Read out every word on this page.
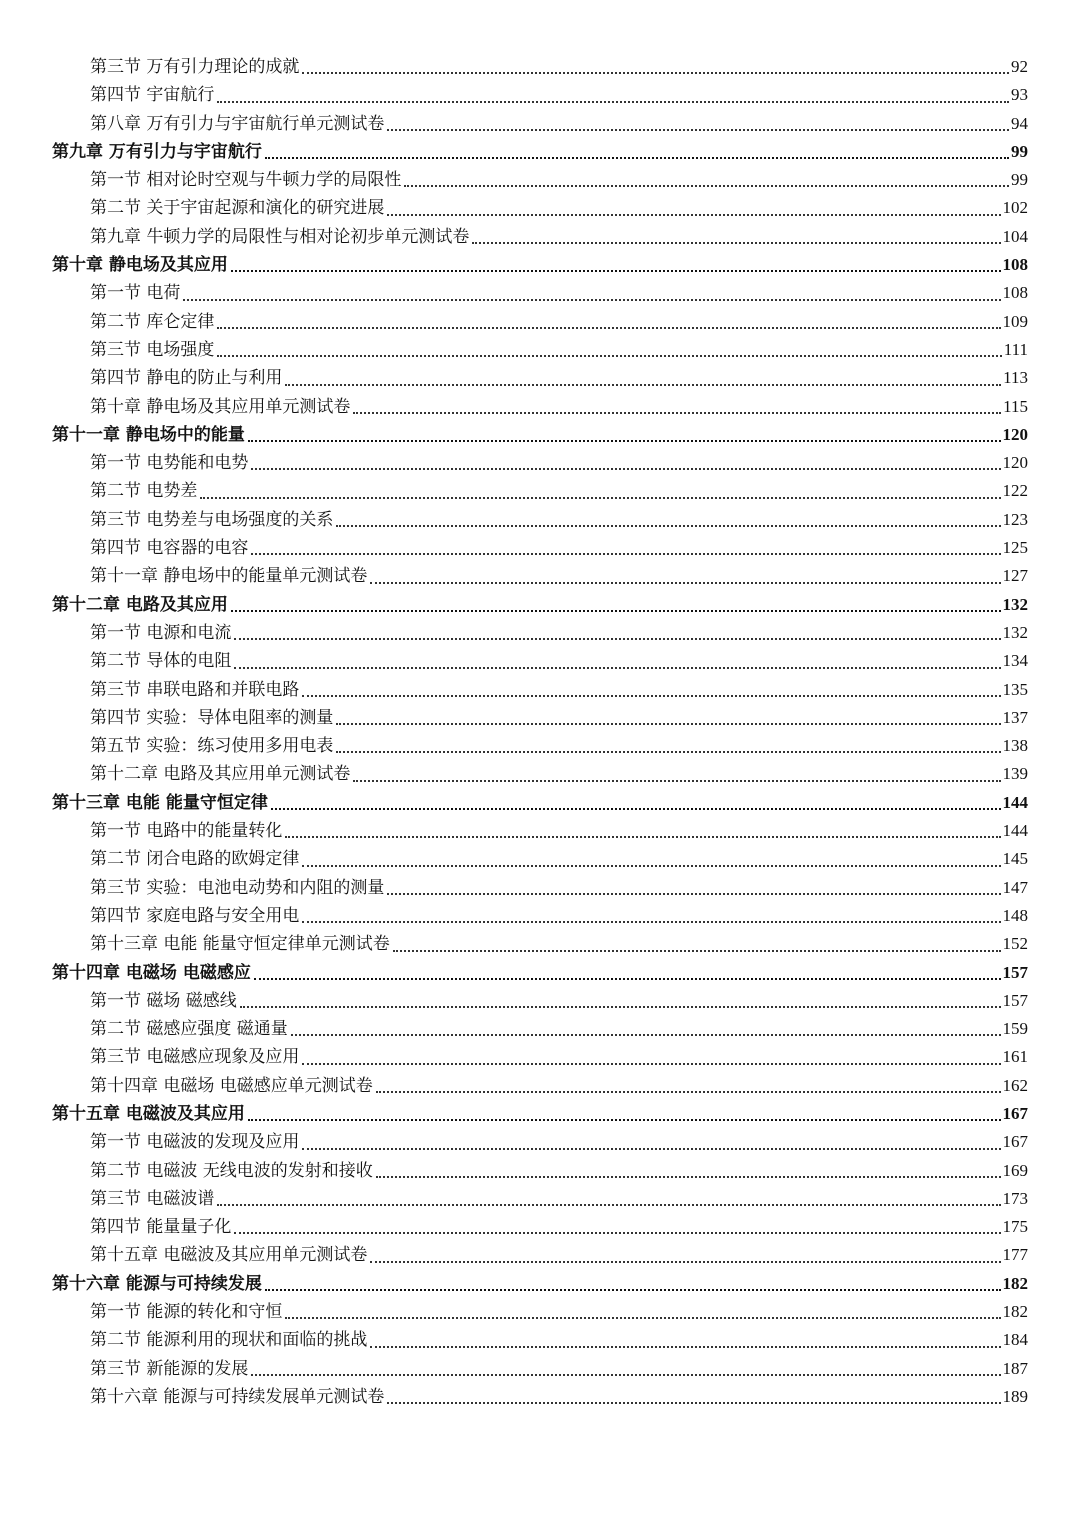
第三节 万有引力理论的成就	92
第四节 宇宙航行	93
第八章 万有引力与宇宙航行单元测试卷	94
第九章 万有引力与宇宙航行	99
第一节 相对论时空观与牛顿力学的局限性	99
第二节 关于宇宙起源和演化的研究进展	102
第九章 牛顿力学的局限性与相对论初步单元测试卷	104
第十章 静电场及其应用	108
第一节 电荷	108
第二节 库仑定律	109
第三节 电场强度	111
第四节 静电的防止与利用	113
第十章 静电场及其应用单元测试卷	115
第十一章 静电场中的能量	120
第一节 电势能和电势	120
第二节 电势差	122
第三节 电势差与电场强度的关系	123
第四节 电容器的电容	125
第十一章 静电场中的能量单元测试卷	127
第十二章 电路及其应用	132
第一节 电源和电流	132
第二节 导体的电阻	134
第三节 串联电路和并联电路	135
第四节 实验：导体电阻率的测量	137
第五节 实验：练习使用多用电表	138
第十二章 电路及其应用单元测试卷	139
第十三章 电能 能量守恒定律	144
第一节 电路中的能量转化	144
第二节 闭合电路的欧姆定律	145
第三节 实验：电池电动势和内阻的测量	147
第四节 家庭电路与安全用电	148
第十三章 电能 能量守恒定律单元测试卷	152
第十四章 电磁场 电磁感应	157
第一节 磁场 磁感线	157
第二节 磁感应强度 磁通量	159
第三节 电磁感应现象及应用	161
第十四章 电磁场 电磁感应单元测试卷	162
第十五章 电磁波及其应用	167
第一节 电磁波的发现及应用	167
第二节 电磁波 无线电波的发射和接收	169
第三节 电磁波谱	173
第四节 能量量子化	175
第十五章 电磁波及其应用单元测试卷	177
第十六章 能源与可持续发展	182
第一节 能源的转化和守恒	182
第二节 能源利用的现状和面临的挑战	184
第三节 新能源的发展	187
第十六章 能源与可持续发展单元测试卷	189
